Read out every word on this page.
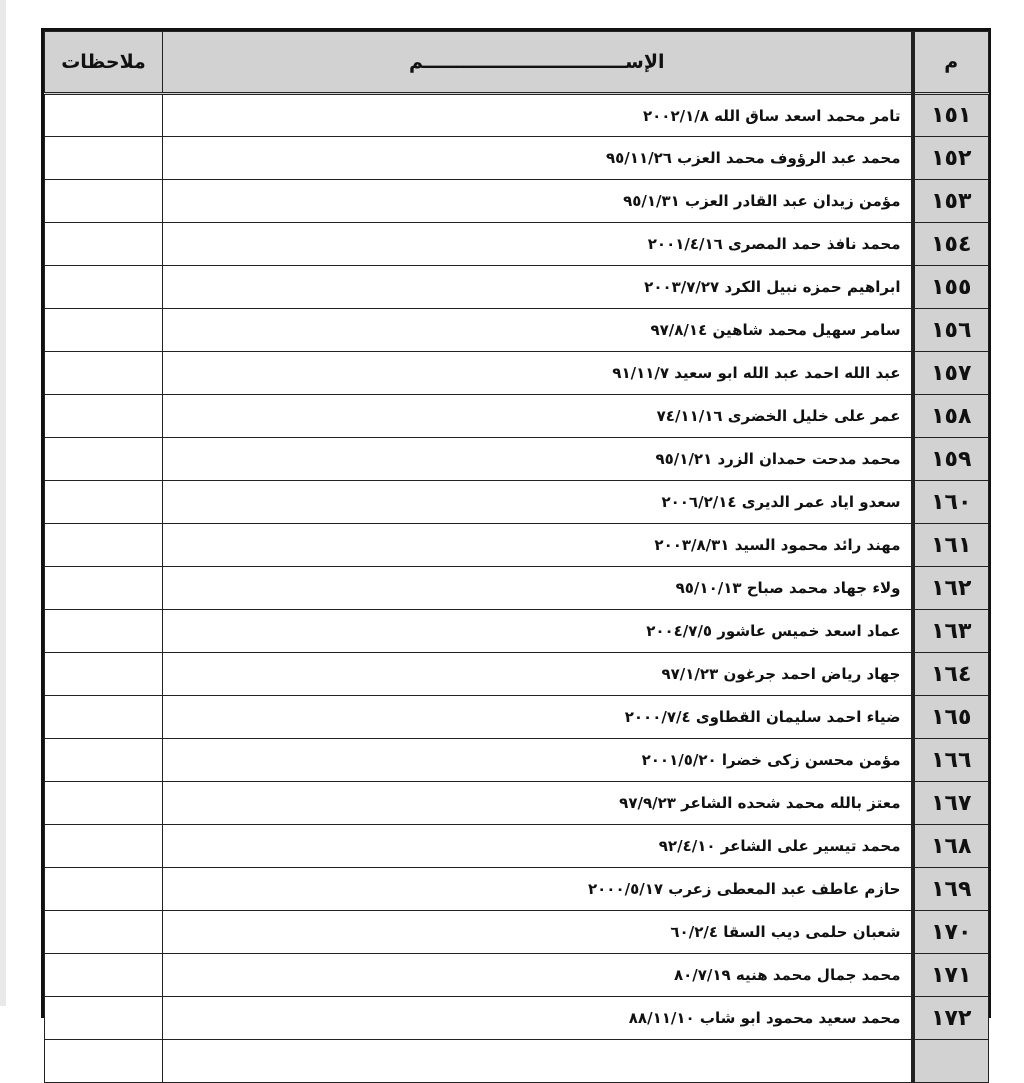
م	الإســـــــــــــــــــــــــــــــم	ملاحظات
١٥١	تامر محمد اسعد ساق الله ٢٠٠٢/١/٨	
١٥٢	محمد عبد الرؤوف محمد العزب ٩٥/١١/٢٦	
١٥٣	مؤمن زيدان عبد القادر العزب ٩٥/١/٣١	
١٥٤	محمد نافذ حمد المصرى ٢٠٠١/٤/١٦	
١٥٥	ابراهيم حمزه نبيل الكرد ٢٠٠٣/٧/٢٧	
١٥٦	سامر سهيل محمد شاهين ٩٧/٨/١٤	
١٥٧	عبد الله احمد عبد الله ابو سعيد ٩١/١١/٧	
١٥٨	عمر على خليل الخضرى ٧٤/١١/١٦	
١٥٩	محمد مدحت حمدان الزرد ٩٥/١/٢١	
١٦٠	سعدو اياد عمر الديرى ٢٠٠٦/٢/١٤	
١٦١	مهند رائد محمود السيد ٢٠٠٣/٨/٣١	
١٦٢	ولاء جهاد محمد صباح ٩٥/١٠/١٣	
١٦٣	عماد اسعد خميس عاشور ٢٠٠٤/٧/٥	
١٦٤	جهاد رياض احمد جرغون ٩٧/١/٢٣	
١٦٥	ضياء احمد سليمان القطاوى ٢٠٠٠/٧/٤	
١٦٦	مؤمن محسن زكى خضرا ٢٠٠١/٥/٢٠	
١٦٧	معتز بالله محمد شحده الشاعر ٩٧/٩/٢٣	
١٦٨	محمد تيسير على الشاعر ٩٢/٤/١٠	
١٦٩	حازم عاطف عبد المعطى زعرب ٢٠٠٠/٥/١٧	
١٧٠	شعبان حلمى ديب السقا ٦٠/٢/٤	
١٧١	محمد جمال محمد هنيه ٨٠/٧/١٩	
١٧٢	محمد سعيد محمود ابو شاب ٨٨/١١/١٠	
